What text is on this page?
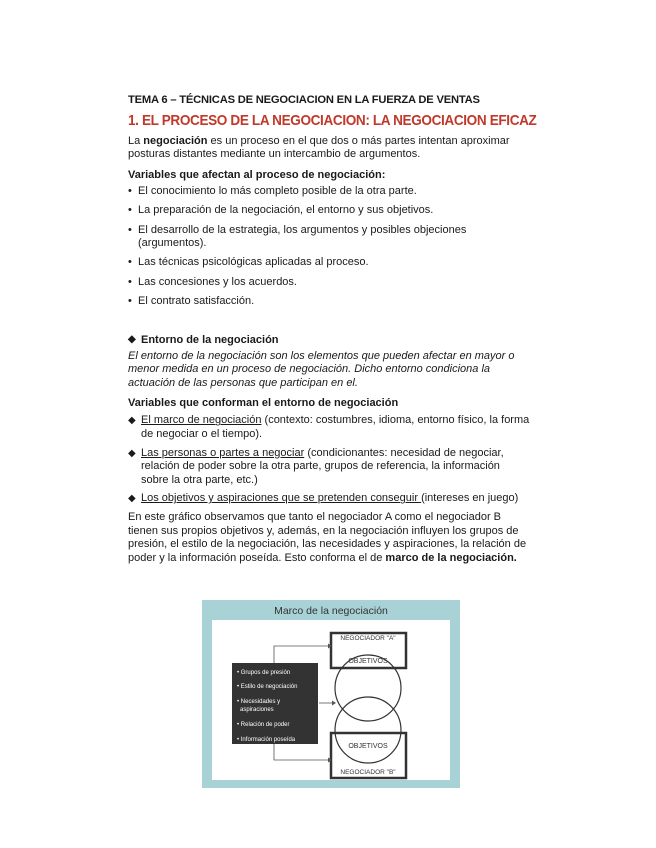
TEMA 6 – TÉCNICAS DE NEGOCIACION EN LA FUERZA DE VENTAS

1. EL PROCESO DE LA NEGOCIACION: LA NEGOCIACION EFICAZ

La negociación es un proceso en el que dos o más partes intentan aproximar posturas distantes mediante un intercambio de argumentos.

Variables que afectan al proceso de negociación:
• El conocimiento lo más completo posible de la otra parte.
• La preparación de la negociación, el entorno y sus objetivos.
• El desarrollo de la estrategia, los argumentos y posibles objeciones (argumentos).
• Las técnicas psicológicas aplicadas al proceso.
• Las concesiones y los acuerdos.
• El contrato satisfacción.
◆ Entorno de la negociación

El entorno de la negociación son los elementos que pueden afectar en mayor o menor medida en un proceso de negociación. Dicho entorno condiciona la actuación de las personas que participan en el.

Variables que conforman el entorno de negociación
◆ El marco de negociación (contexto: costumbres, idioma, entorno físico, la forma de negociar o el tiempo).
◆ Las personas o partes a negociar (condicionantes: necesidad de negociar, relación de poder sobre la otra parte, grupos de referencia, la información sobre la otra parte, etc.)
◆ Los objetivos y aspiraciones que se pretenden conseguir (intereses en juego)

En este gráfico observamos que tanto el negociador A como el negociador B tienen sus propios objetivos y, además, en la negociación influyen los grupos de presión, el estilo de la negociación, las necesidades y aspiraciones, la relación de poder y la información poseída. Esto conforma el de marco de la negociación.

Marco de la negociación
NEGOCIADOR "A"
NEGOCIADOR "B"
OBJETIVOS
OBJETIVOS
• Grupos de presión
• Estilo de negociación
• Necesidades y
aspiraciones
• Relación de poder
• Información poseída
